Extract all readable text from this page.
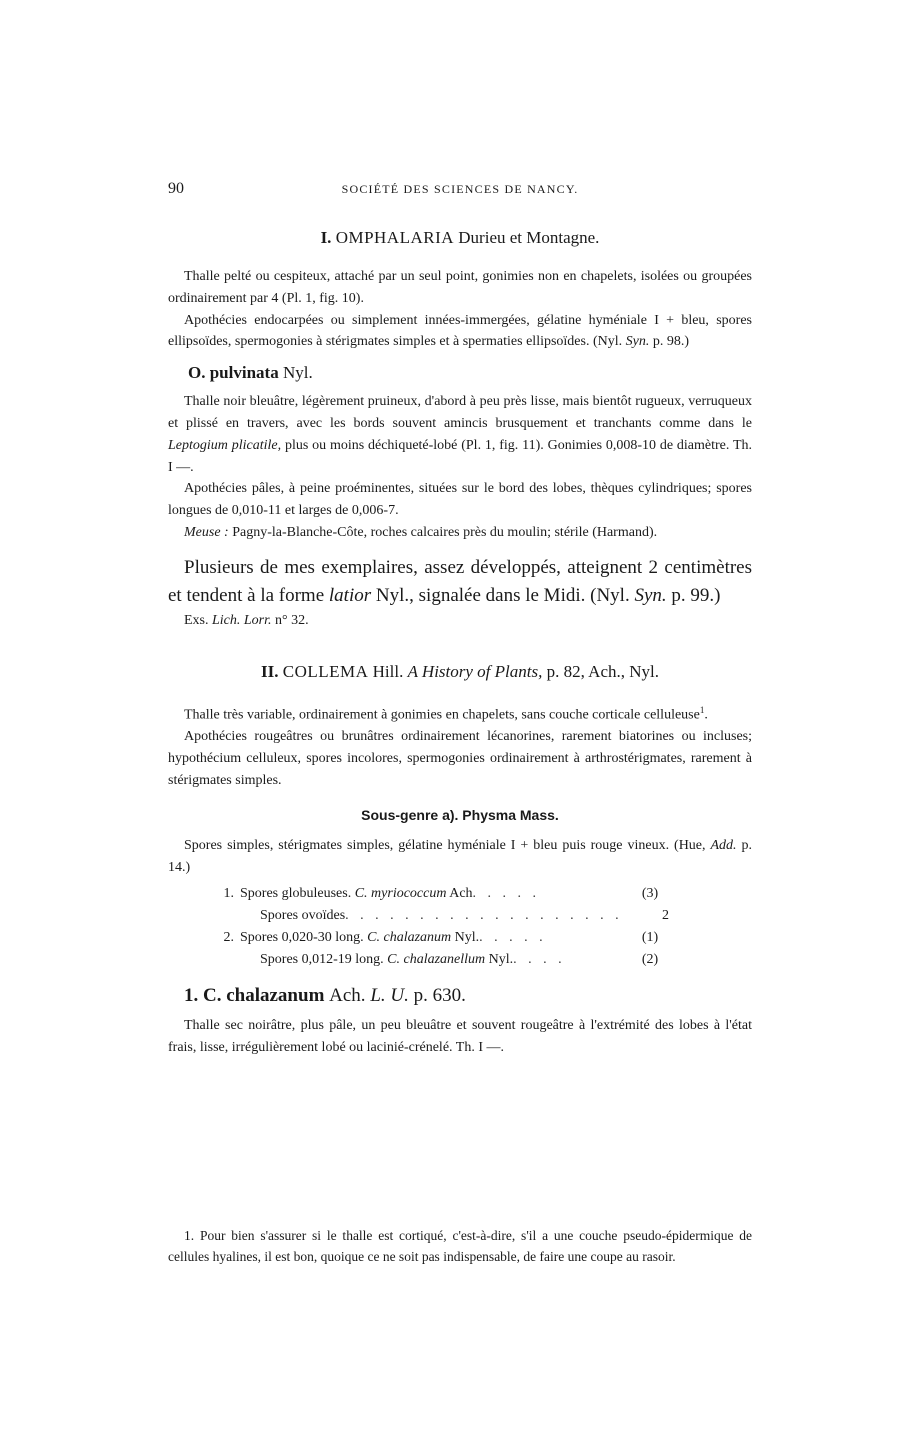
90	SOCIÉTÉ DES SCIENCES DE NANCY.
I. OMPHALARIA Durieu et Montagne.

Thalle pelté ou cespiteux, attaché par un seul point, gonimies non en chapelets, isolées ou groupées ordinairement par 4 (Pl. 1, fig. 10).

Apothécies endocarpées ou simplement innées-immergées, gélatine hyméniale I + bleu, spores ellipsoïdes, spermogonies à stérigmates simples et à spermaties ellipsoïdes. (Nyl. Syn. p. 98.)

O. pulvinata Nyl.

Thalle noir bleuâtre, légèrement pruineux, d'abord à peu près lisse, mais bientôt rugueux, verruqueux et plissé en travers, avec les bords souvent amincis brusquement et tranchants comme dans le Leptogium plicatile, plus ou moins déchiqueté-lobé (Pl. 1, fig. 11). Gonimies 0,008-10 de diamètre. Th. I —.

Apothécies pâles, à peine proéminentes, situées sur le bord des lobes, thèques cylindriques; spores longues de 0,010-11 et larges de 0,006-7.

Meuse : Pagny-la-Blanche-Côte, roches calcaires près du moulin; stérile (Harmand).

Plusieurs de mes exemplaires, assez développés, atteignent 2 centimètres et tendent à la forme latior Nyl., signalée dans le Midi. (Nyl. Syn. p. 99.)

Exs. Lich. Lorr. n° 32.

II. COLLEMA Hill. A History of Plants, p. 82, Ach., Nyl.

Thalle très variable, ordinairement à gonimies en chapelets, sans couche corticale celluleuse$^1$.

Apothécies rougeâtres ou brunâtres ordinairement lécanorines, rarement biatorines ou incluses; hypothécium celluleux, spores incolores, spermogonies ordinairement à arthrostérigmates, rarement à stérigmates simples.

Sous-genre a). Physma Mass.

Spores simples, stérigmates simples, gélatine hyméniale I + bleu puis rouge vineux. (Hue, Add. p. 14.)

1. Spores globuleuses. C. myriococcum Ach . . . . .	(3)
Spores ovoïdes . . . . . . . . . . . . . . . . . . .	2
2. Spores 0,020-30 long. C. chalazanum Nyl. . . . . .	(1)
Spores 0,012-19 long. C. chalazanellum Nyl. . . . .	(2)
1. C. chalazanum Ach. L. U. p. 630.

Thalle sec noirâtre, plus pâle, un peu bleuâtre et souvent rougeâtre à l'extrémité des lobes à l'état frais, lisse, irrégulièrement lobé ou lacinié-crénelé. Th. I —.

1. Pour bien s'assurer si le thalle est cortiqué, c'est-à-dire, s'il a une couche pseudo-épidermique de cellules hyalines, il est bon, quoique ce ne soit pas indispensable, de faire une coupe au rasoir.
